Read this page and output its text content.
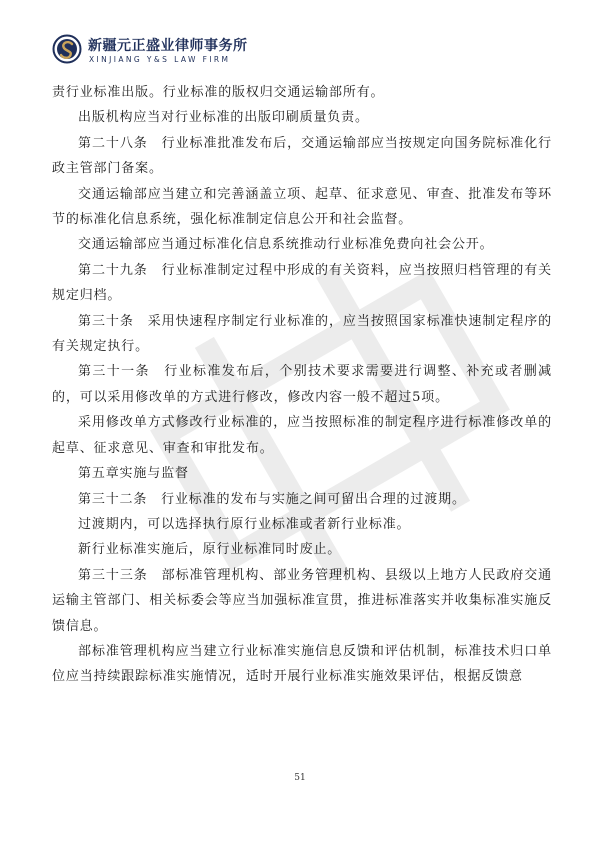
新疆元正盛业律师事务所
XINJIANG Y&S LAW FIRM

责行业标准出版。行业标准的版权归交通运输部所有。

出版机构应当对行业标准的出版印刷质量负责。

第二十八条　行业标准批准发布后，交通运输部应当按规定向国务院标准化行政主管部门备案。

交通运输部应当建立和完善涵盖立项、起草、征求意见、审查、批准发布等环节的标准化信息系统，强化标准制定信息公开和社会监督。

交通运输部应当通过标准化信息系统推动行业标准免费向社会公开。

第二十九条　行业标准制定过程中形成的有关资料，应当按照归档管理的有关规定归档。

第三十条　采用快速程序制定行业标准的，应当按照国家标准快速制定程序的有关规定执行。

第三十一条　行业标准发布后，个别技术要求需要进行调整、补充或者删减的，可以采用修改单的方式进行修改，修改内容一般不超过5项。

采用修改单方式修改行业标准的，应当按照标准的制定程序进行标准修改单的起草、征求意见、审查和审批发布。

第五章实施与监督

第三十二条　行业标准的发布与实施之间可留出合理的过渡期。

过渡期内，可以选择执行原行业标准或者新行业标准。

新行业标准实施后，原行业标准同时废止。

第三十三条　部标准管理机构、部业务管理机构、县级以上地方人民政府交通运输主管部门、相关标委会等应当加强标准宣贯，推进标准落实并收集标准实施反馈信息。

部标准管理机构应当建立行业标准实施信息反馈和评估机制，标准技术归口单位应当持续跟踪标准实施情况，适时开展行业标准实施效果评估，根据反馈意

51
